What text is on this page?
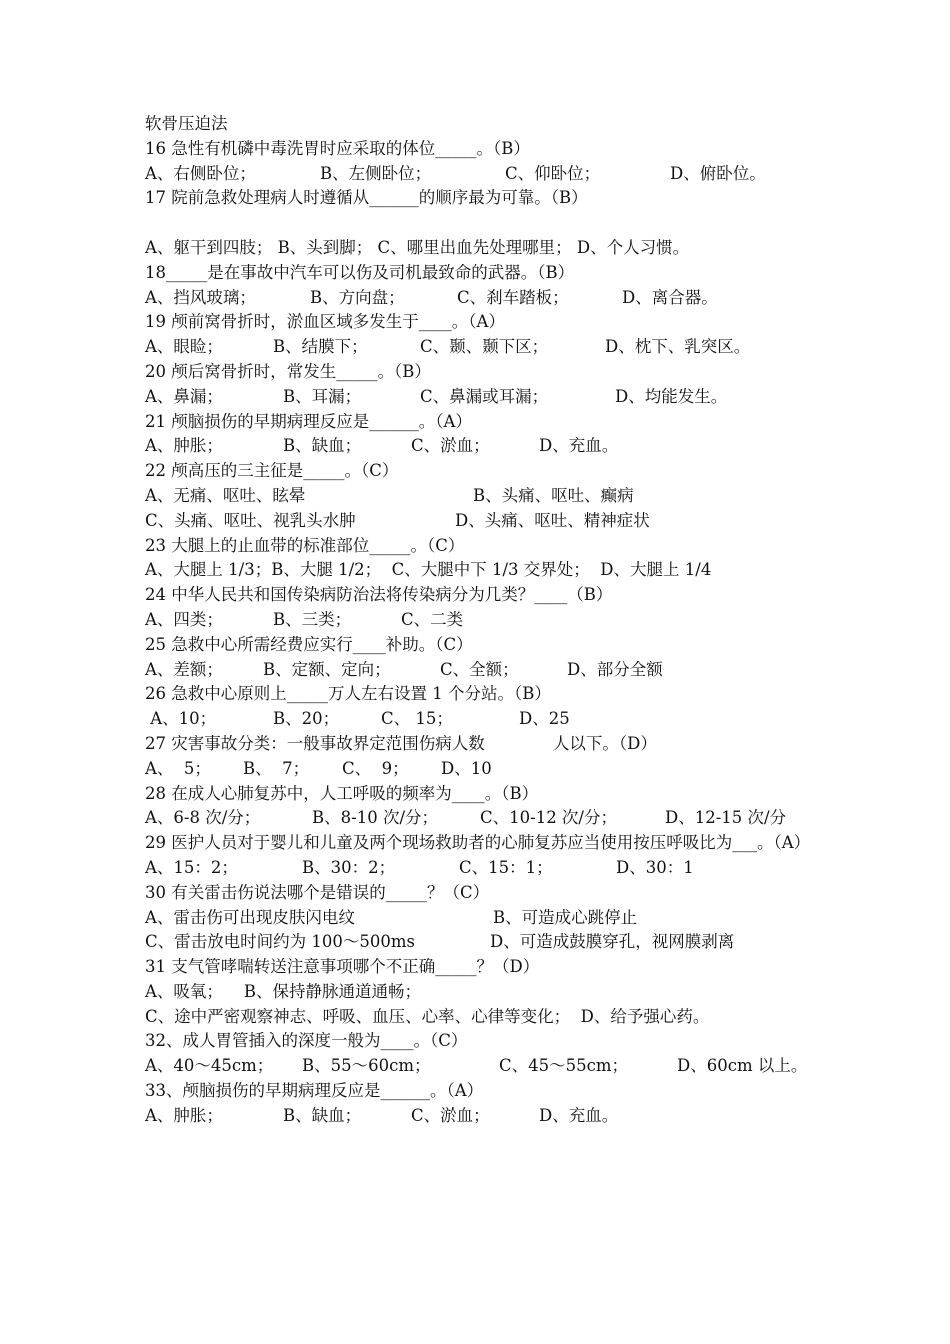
软骨压迫法
16 急性有机磷中毒洗胃时应采取的体位_____。（B）
A、右侧卧位；	B、左侧卧位；	C、仰卧位；	D、俯卧位。
17 院前急救处理病人时遵循从______的顺序最为可靠。（B）
A、躯干到四肢； B、头到脚； C、哪里出血先处理哪里； D、个人习惯。
18_____是在事故中汽车可以伤及司机最致命的武器。（B）
A、挡风玻璃；	B、方向盘；	C、刹车踏板；	D、离合器。
19 颅前窝骨折时，淤血区域多发生于____。（A）
A、眼睑；	B、结膜下；	C、颞、颞下区；	D、枕下、乳突区。
20 颅后窝骨折时，常发生_____。（B）
A、鼻漏；	B、耳漏；	C、鼻漏或耳漏；	D、均能发生。
21 颅脑损伤的早期病理反应是______。（A）
A、肿胀；	B、缺血；	C、淤血；	D、充血。
22 颅高压的三主征是_____。（C）
A、无痛、呕吐、眩晕	B、头痛、呕吐、癫病
C、头痛、呕吐、视乳头水肿	D、头痛、呕吐、精神症状
23 大腿上的止血带的标准部位_____。（C）
A、大腿上 1/3；B、大腿 1/2；  C、大腿中下 1/3 交界处；  D、大腿上 1/4
24 中华人民共和国传染病防治法将传染病分为几类？____（B）
A、四类；	B、三类；	C、二类
25 急救中心所需经费应实行____补助。（C）
A、差额；	B、定额、定向；	C、全额；	D、部分全额
26 急救中心原则上_____万人左右设置 1 个分站。（B）
A、10；	B、20；	C、 15；	D、25
27 灾害事故分类：一般事故界定范围伤病人数             人以下。（D）
A、  5；	B、  7；	C、  9；	D、10
28 在成人心肺复苏中，人工呼吸的频率为____。（B）
A、6-8 次/分；	B、8-10 次/分；	C、10-12 次/分；	D、12-15 次/分
29 医护人员对于婴儿和儿童及两个现场救助者的心肺复苏应当使用按压呼吸比为___。（A）
A、15：2；	B、30：2；	C、15：1；	D、30：1
30 有关雷击伤说法哪个是错误的_____？（C）
A、雷击伤可出现皮肤闪电纹	B、可造成心跳停止
C、雷击放电时间约为 100～500ms	D、可造成鼓膜穿孔，视网膜剥离
31 支气管哮喘转送注意事项哪个不正确_____？（D）
A、吸氧；    B、保持静脉通道通畅；
C、途中严密观察神志、呼吸、血压、心率、心律等变化；  D、给予强心药。
32、成人胃管插入的深度一般为____。（C）
A、40～45cm；	B、55～60cm；	C、45～55cm；	D、60cm 以上。
33、颅脑损伤的早期病理反应是______。（A）
A、肿胀；	B、缺血；	C、淤血；	D、充血。
